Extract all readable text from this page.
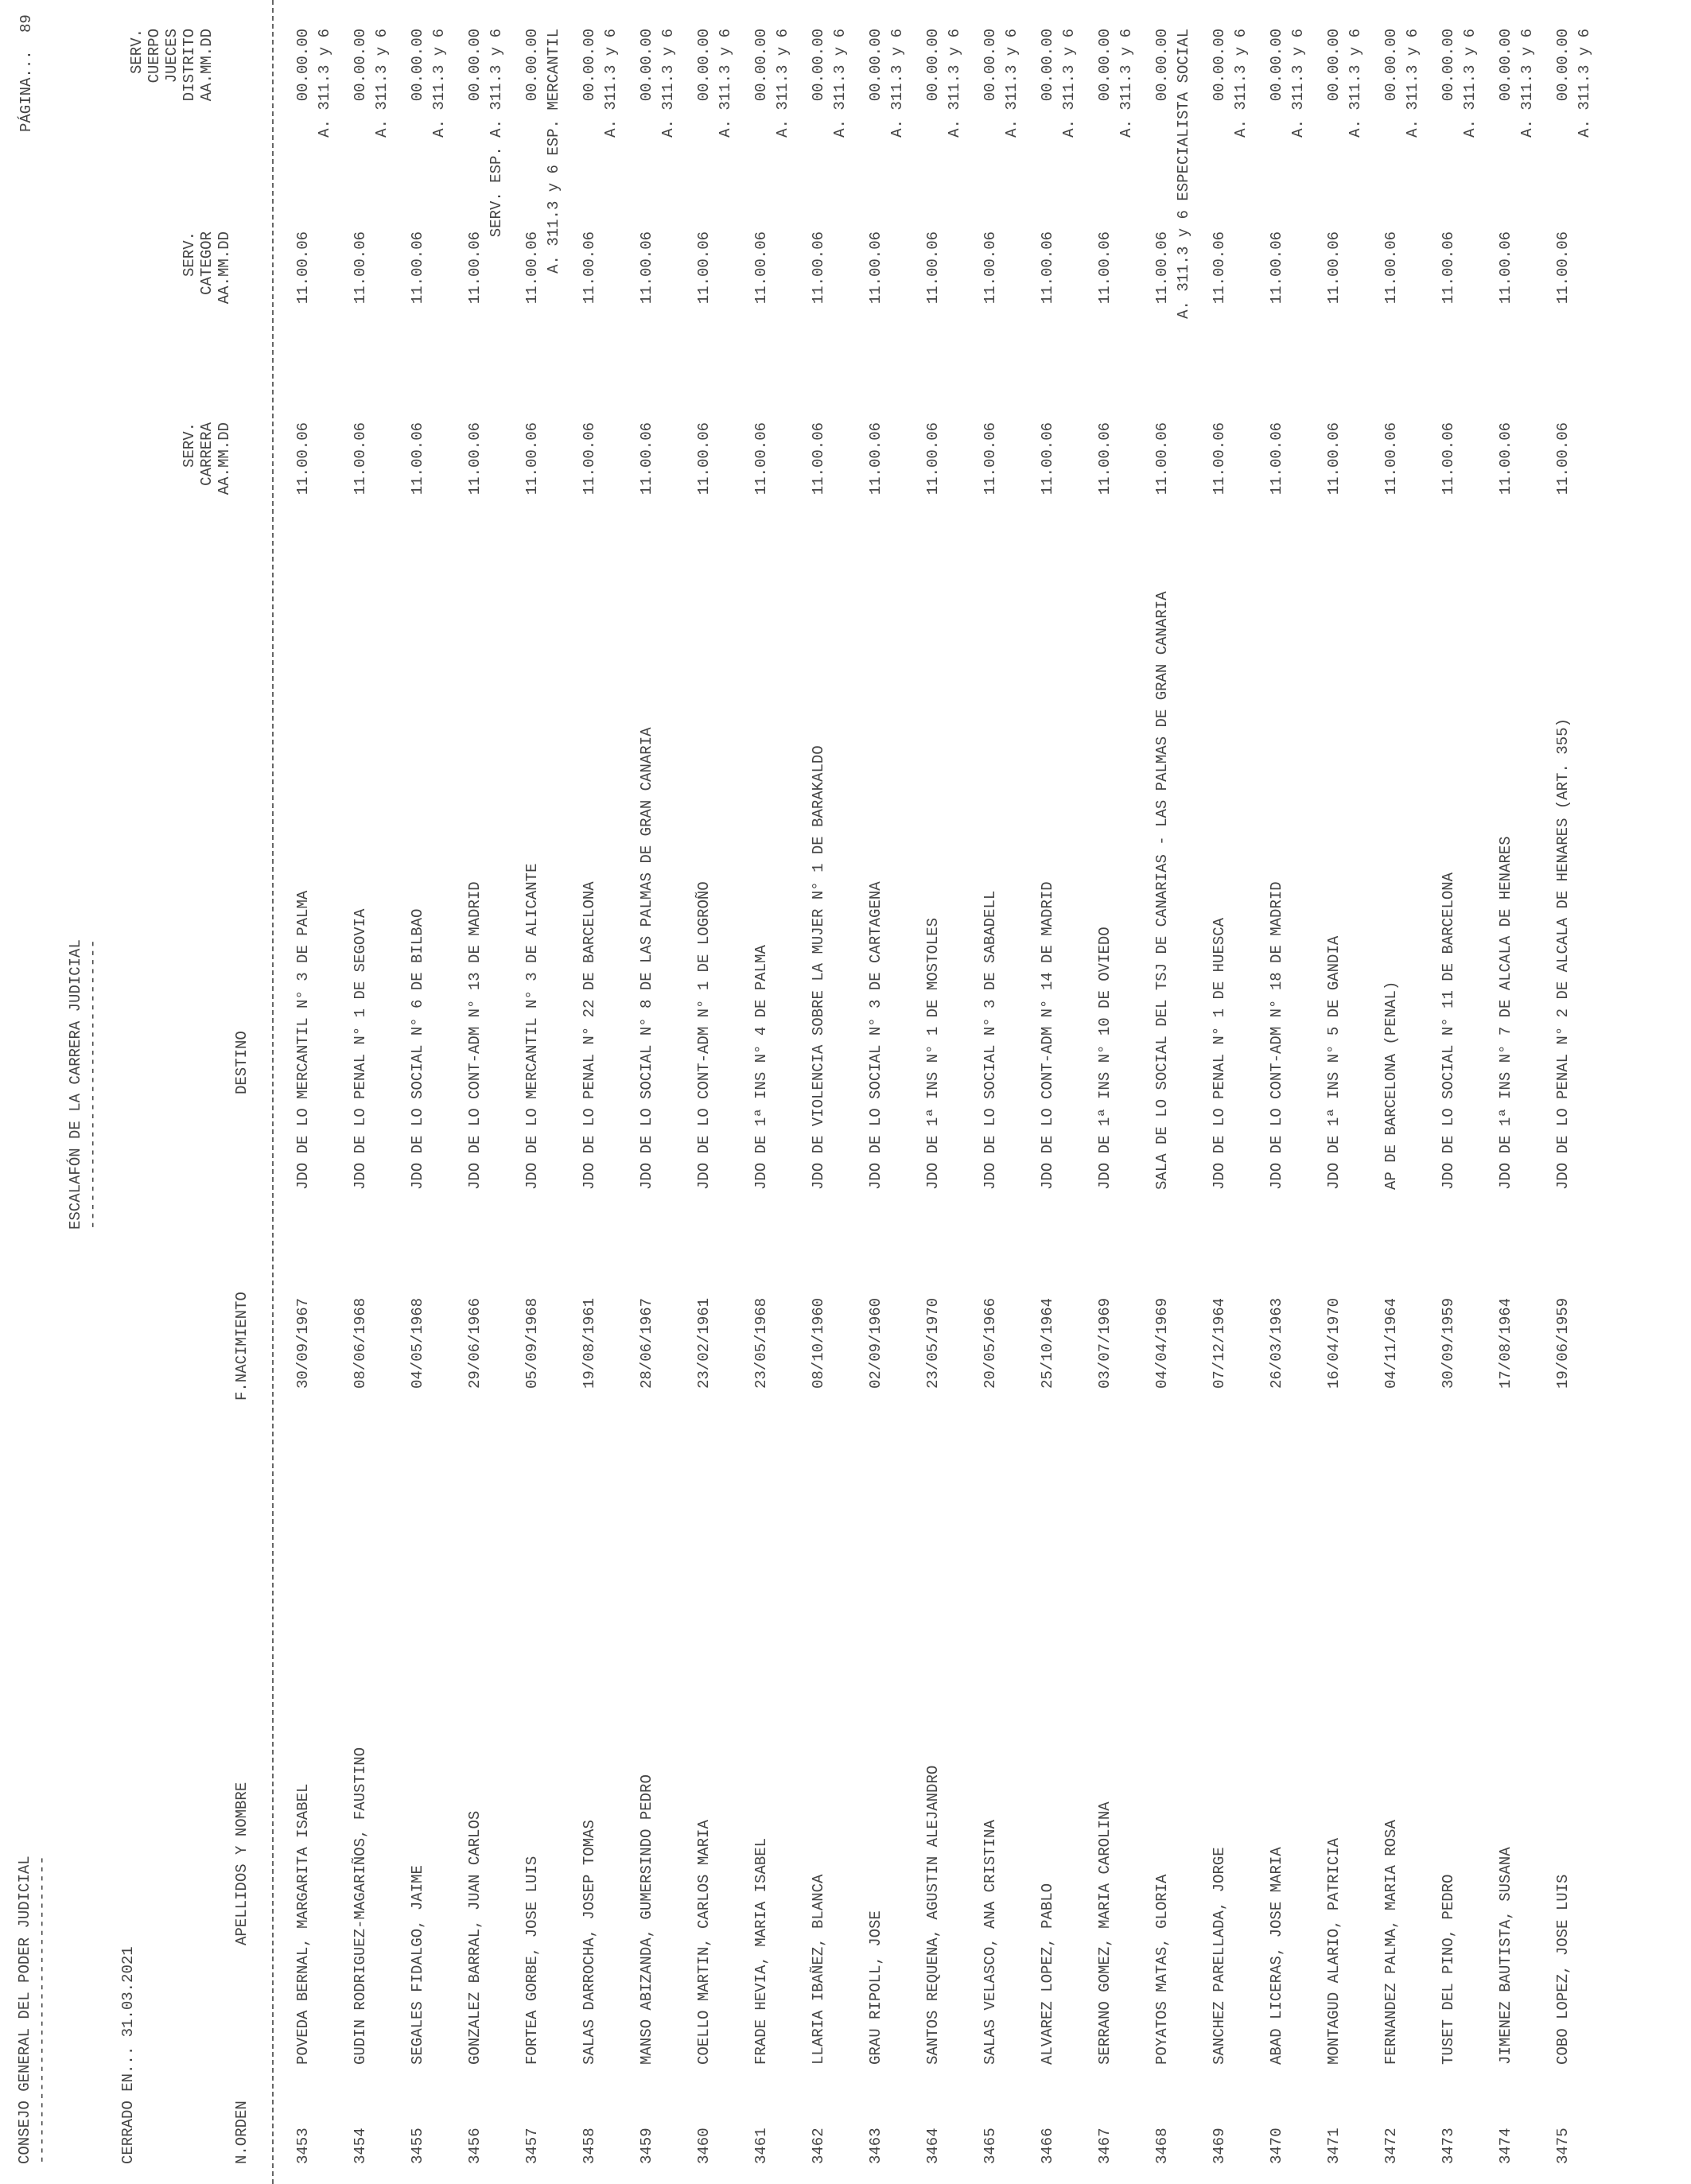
CONSEJO GENERAL DEL PODER JUDICIAL ----------------------------------
ESCALAFÓN DE LA CARRERA JUDICIAL --------------------------------
PÁGINA...
89
CERRADO EN... 31.03.2021	N.ORDEN
APELLIDOS Y NOMBRE
F.NACIMIENTO
DESTINO
SERV. CARRERA AA.MM.DD
SERV. CATEGOR AA.MM.DD
SERV. CUERPO JUECES DISTRITO AA.MM.DD
3453
POVEDA BERNAL, MARGARITA ISABEL
30/09/1967
JDO DE LO MERCANTIL N° 3 DE PALMA
11.00.06
11.00.06
00.00.00 A. 311.3 y 6
3454
GUDIN RODRIGUEZ-MAGARIÑOS, FAUSTINO
08/06/1968
JDO DE LO PENAL N° 1 DE SEGOVIA
11.00.06
11.00.06
00.00.00 A. 311.3 y 6
3455
SEGALES FIDALGO, JAIME
04/05/1968
JDO DE LO SOCIAL N° 6 DE BILBAO
11.00.06
11.00.06
00.00.00 A. 311.3 y 6
3456
GONZALEZ BARRAL, JUAN CARLOS
29/06/1966
JDO DE LO CONT-ADM N° 13 DE MADRID
11.00.06
11.00.06
00.00.00 SERV. ESP. A. 311.3 y 6
3457
FORTEA GORBE, JOSE LUIS
05/09/1968
JDO DE LO MERCANTIL N° 3 DE ALICANTE
11.00.06
11.00.06
00.00.00 A. 311.3 y 6 ESP. MERCANTIL
3458
SALAS DARROCHA, JOSEP TOMAS
19/08/1961
JDO DE LO PENAL N° 22 DE BARCELONA
11.00.06
11.00.06
00.00.00 A. 311.3 y 6
3459
MANSO ABIZANDA, GUMERSINDO PEDRO
28/06/1967
JDO DE LO SOCIAL N° 8 DE LAS PALMAS DE GRAN CANARIA
11.00.06
11.00.06
00.00.00 A. 311.3 y 6
3460
COELLO MARTIN, CARLOS MARIA
23/02/1961
JDO DE LO CONT-ADM N° 1 DE LOGROÑO
11.00.06
11.00.06
00.00.00 A. 311.3 y 6
3461
FRADE HEVIA, MARIA ISABEL
23/05/1968
JDO DE 1ª INS N° 4 DE PALMA
11.00.06
11.00.06
00.00.00 A. 311.3 y 6
3462
LLARIA IBAÑEZ, BLANCA
08/10/1960
JDO DE VIOLENCIA SOBRE LA MUJER N° 1 DE BARAKALDO
11.00.06
11.00.06
00.00.00 A. 311.3 y 6
3463
GRAU RIPOLL, JOSE
02/09/1960
JDO DE LO SOCIAL N° 3 DE CARTAGENA
11.00.06
11.00.06
00.00.00 A. 311.3 y 6
3464
SANTOS REQUENA, AGUSTIN ALEJANDRO
23/05/1970
JDO DE 1ª INS N° 1 DE MOSTOLES
11.00.06
11.00.06
00.00.00 A. 311.3 y 6
3465
SALAS VELASCO, ANA CRISTINA
20/05/1966
JDO DE LO SOCIAL N° 3 DE SABADELL
11.00.06
11.00.06
00.00.00 A. 311.3 y 6
3466
ALVAREZ LOPEZ, PABLO
25/10/1964
JDO DE LO CONT-ADM N° 14 DE MADRID
11.00.06
11.00.06
00.00.00 A. 311.3 y 6
3467
SERRANO GOMEZ, MARIA CAROLINA
03/07/1969
JDO DE 1ª INS N° 10 DE OVIEDO
11.00.06
11.00.06
00.00.00 A. 311.3 y 6
3468
POYATOS MATAS, GLORIA
04/04/1969
SALA DE LO SOCIAL DEL TSJ DE CANARIAS - LAS PALMAS DE GRAN CANARIA
11.00.06
11.00.06
00.00.00 A. 311.3 y 6 ESPECIALISTA SOCIAL
3469
SANCHEZ PARELLADA, JORGE
07/12/1964
JDO DE LO PENAL N° 1 DE HUESCA
11.00.06
11.00.06
00.00.00 A. 311.3 y 6
3470
ABAD LICERAS, JOSE MARIA
26/03/1963
JDO DE LO CONT-ADM N° 18 DE MADRID
11.00.06
11.00.06
00.00.00 A. 311.3 y 6
3471
MONTAGUD ALARIO, PATRICIA
16/04/1970
JDO DE 1ª INS N° 5 DE GANDIA
11.00.06
11.00.06
00.00.00 A. 311.3 y 6
3472
FERNANDEZ PALMA, MARIA ROSA
04/11/1964
AP DE BARCELONA (PENAL)
11.00.06
11.00.06
00.00.00 A. 311.3 y 6
3473
TUSET DEL PINO, PEDRO
30/09/1959
JDO DE LO SOCIAL N° 11 DE BARCELONA
11.00.06
11.00.06
00.00.00 A. 311.3 y 6
3474
JIMENEZ BAUTISTA, SUSANA
17/08/1964
JDO DE 1ª INS N° 7 DE ALCALA DE HENARES
11.00.06
11.00.06
00.00.00 A. 311.3 y 6
3475
COBO LOPEZ, JOSE LUIS
19/06/1959
JDO DE LO PENAL N° 2 DE ALCALA DE HENARES (ART. 355)
11.00.06
11.00.06
00.00.00 A. 311.3 y 6
